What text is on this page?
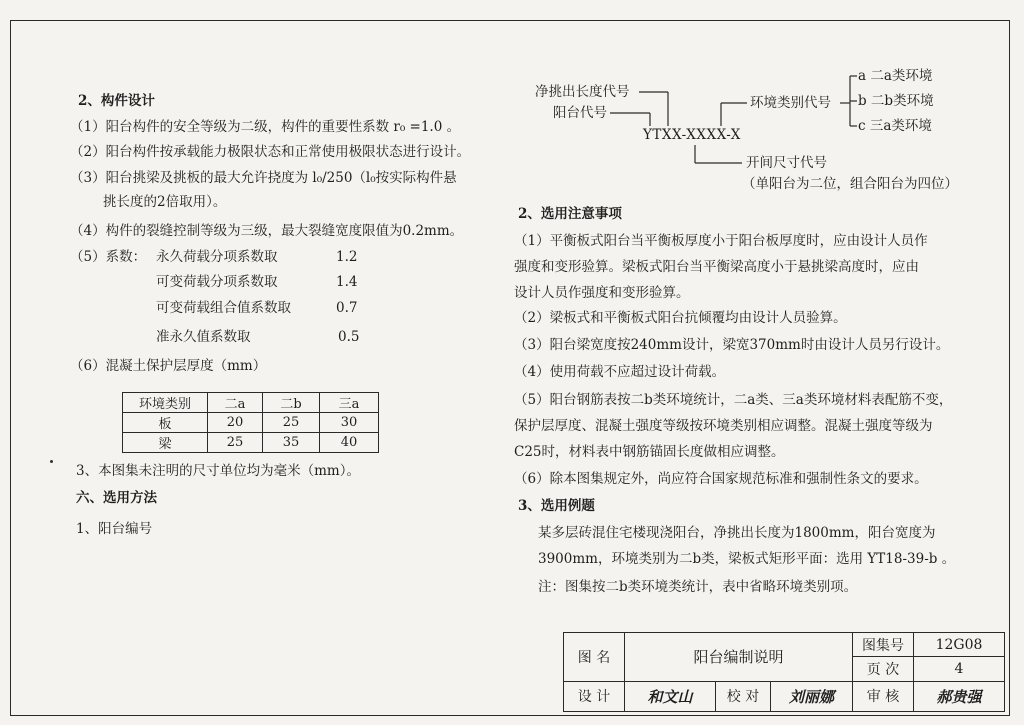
2、构件设计
（1）阳台构件的安全等级为二级，构件的重要性系数 r₀ =1.0 。
（2）阳台构件按承载能力极限状态和正常使用极限状态进行设计。
（3）阳台挑梁及挑板的最大允许挠度为 l₀/250（l₀按实际构件悬
挑长度的2倍取用）。
（4）构件的裂缝控制等级为三级，最大裂缝宽度限值为0.2mm。
（5）系数： 永久荷载分项系数取	1.2
可变荷载分项系数取	1.4
可变荷载组合值系数取	0.7
准永久值系数取	0.5
（6）混凝土保护层厚度（mm）
环境类别	二a	二b	三a
板	20	25	30
梁	25	35	40
3、本图集未注明的尺寸单位均为毫米（mm）。
六、选用方法
1、阳台编号
净挑出长度代号
阳台代号
YTXX-XXXX-X
环境类别代号
a 二a类环境
b 二b类环境
c 三a类环境
开间尺寸代号
（单阳台为二位，组合阳台为四位）
2、选用注意事项
（1）平衡板式阳台当平衡板厚度小于阳台板厚度时，应由设计人员作
强度和变形验算。梁板式阳台当平衡梁高度小于悬挑梁高度时，应由
设计人员作强度和变形验算。
（2）梁板式和平衡板式阳台抗倾覆均由设计人员验算。
（3）阳台梁宽度按240mm设计，梁宽370mm时由设计人员另行设计。
（4）使用荷载不应超过设计荷载。
（5）阳台钢筋表按二b类环境统计，二a类、三a类环境材料表配筋不变，
保护层厚度、混凝土强度等级按环境类别相应调整。混凝土强度等级为
C25时，材料表中钢筋锚固长度做相应调整。
（6）除本图集规定外，尚应符合国家规范标准和强制性条文的要求。
3、选用例题
某多层砖混住宅楼现浇阳台，净挑出长度为1800mm，阳台宽度为
3900mm，环境类别为二b类，梁板式矩形平面：选用 YT18-39-b 。
注：图集按二b类环境类统计，表中省略环境类别项。
图 名	阳台编制说明			图集号	12G08
				页 次	4
设 计	和文山	校 对	刘丽娜	审 核	郝贵强
